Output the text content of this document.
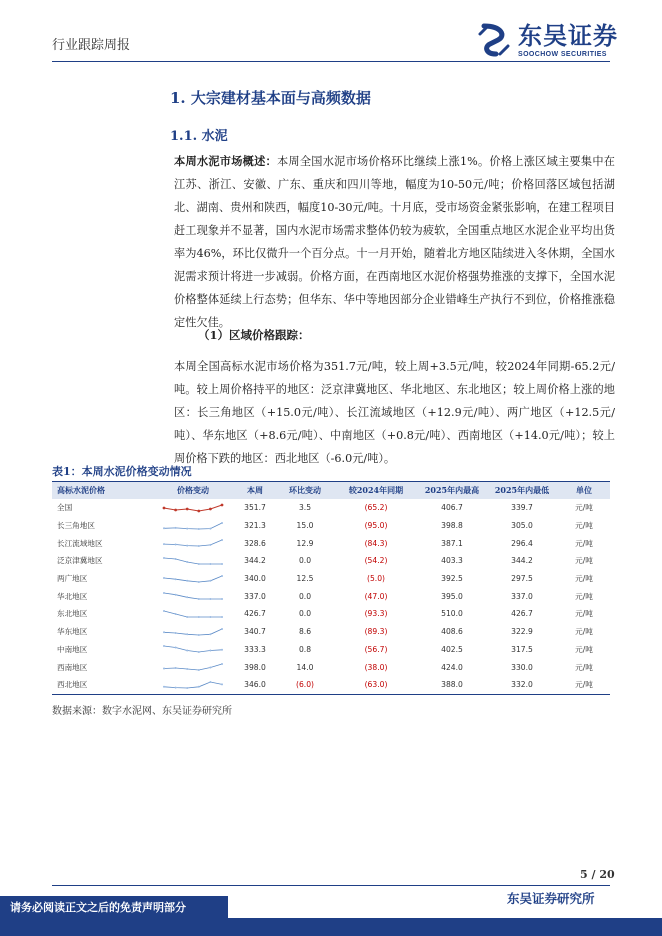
行业跟踪周报	东吴证券
SOOCHOW SECURITIES
1. 大宗建材基本面与高频数据
1.1. 水泥
本周水泥市场概述：本周全国水泥市场价格环比继续上涨1%。价格上涨区域主要集中在江苏、浙江、安徽、广东、重庆和四川等地，幅度为10-50元/吨；价格回落区域包括湖北、湖南、贵州和陕西，幅度10-30元/吨。十月底，受市场资金紧张影响，在建工程项目赶工现象并不显著，国内水泥市场需求整体仍较为疲软，全国重点地区水泥企业平均出货率为46%，环比仅微升一个百分点。十一月开始，随着北方地区陆续进入冬休期，全国水泥需求预计将进一步减弱。价格方面，在西南地区水泥价格强势推涨的支撑下，全国水泥价格整体延续上行态势；但华东、华中等地因部分企业错峰生产执行不到位，价格推涨稳定性欠佳。
（1）区域价格跟踪：
本周全国高标水泥市场价格为351.7元/吨，较上周+3.5元/吨，较2024年同期-65.2元/吨。较上周价格持平的地区：泛京津冀地区、华北地区、东北地区；较上周价格上涨的地区：长三角地区（+15.0元/吨）、长江流域地区（+12.9元/吨）、两广地区（+12.5元/吨）、华东地区（+8.6元/吨）、中南地区（+0.8元/吨）、西南地区（+14.0元/吨）；较上周价格下跌的地区：西北地区（-6.0元/吨）。
表1：本周水泥价格变动情况
高标水泥价格	价格变动	本周	环比变动	较2024年同期	2025年内最高	2025年内最低	单位
全国		351.7	3.5	(65.2)	406.7	339.7	元/吨
长三角地区		321.3	15.0	(95.0)	398.8	305.0	元/吨
长江流域地区		328.6	12.9	(84.3)	387.1	296.4	元/吨
泛京津冀地区		344.2	0.0	(54.2)	403.3	344.2	元/吨
两广地区		340.0	12.5	(5.0)	392.5	297.5	元/吨
华北地区		337.0	0.0	(47.0)	395.0	337.0	元/吨
东北地区		426.7	0.0	(93.3)	510.0	426.7	元/吨
华东地区		340.7	8.6	(89.3)	408.6	322.9	元/吨
中南地区		333.3	0.8	(56.7)	402.5	317.5	元/吨
西南地区		398.0	14.0	(38.0)	424.0	330.0	元/吨
西北地区		346.0	(6.0)	(63.0)	388.0	332.0	元/吨
数据来源：数字水泥网、东吴证券研究所
5 / 20
东吴证券研究所
请务必阅读正文之后的免责声明部分
